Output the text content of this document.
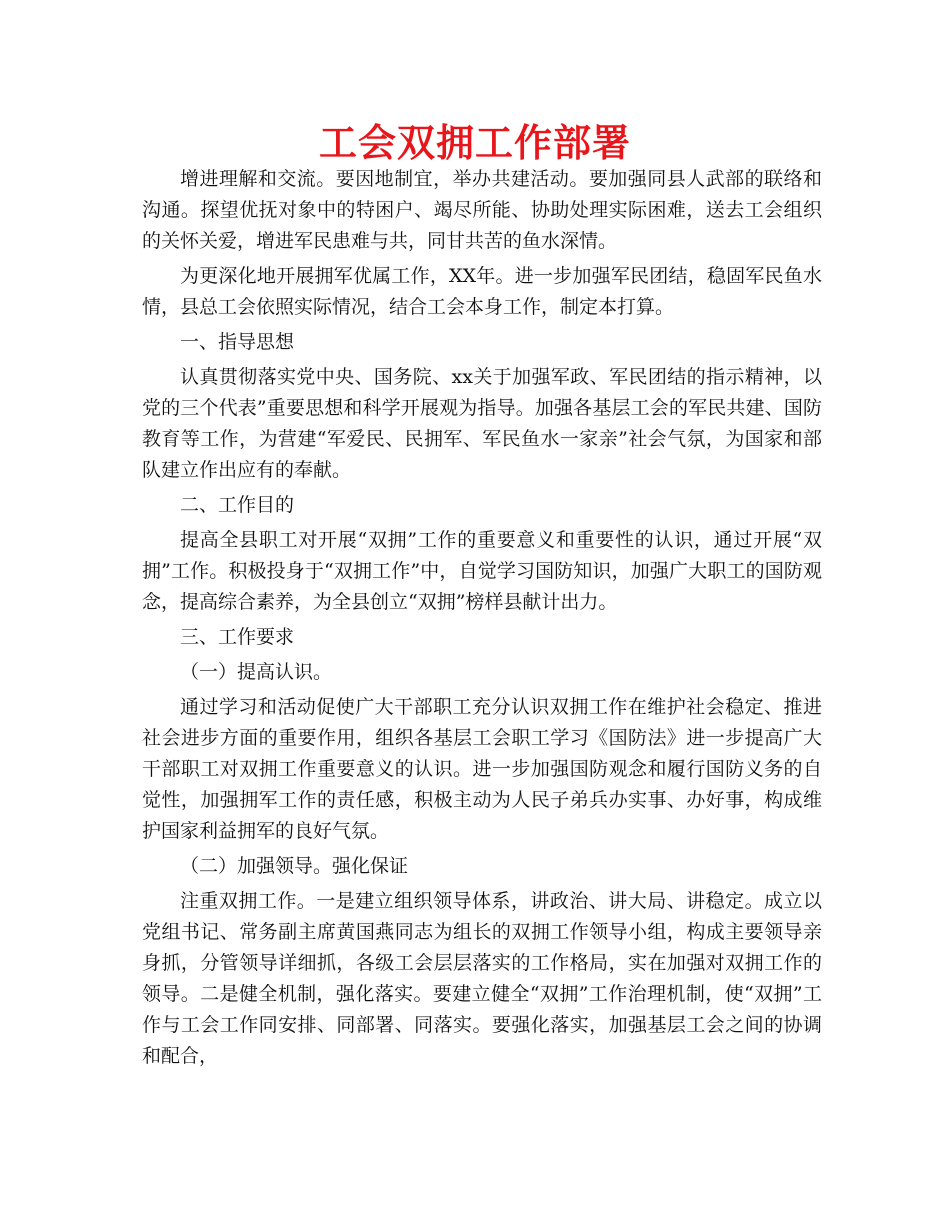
工会双拥工作部署

增进理解和交流。要因地制宜，举办共建活动。要加强同县人武部的联络和沟通。探望优抚对象中的特困户、竭尽所能、协助处理实际困难，送去工会组织的关怀关爱，增进军民患难与共，同甘共苦的鱼水深情。

为更深化地开展拥军优属工作，XX年。进一步加强军民团结，稳固军民鱼水情，县总工会依照实际情况，结合工会本身工作，制定本打算。

一、指导思想

认真贯彻落实党中央、国务院、xx关于加强军政、军民团结的指示精神，以党的三个代表”重要思想和科学开展观为指导。加强各基层工会的军民共建、国防教育等工作，为营建“军爱民、民拥军、军民鱼水一家亲”社会气氛，为国家和部队建立作出应有的奉献。

二、工作目的

提高全县职工对开展“双拥”工作的重要意义和重要性的认识，通过开展“双拥”工作。积极投身于“双拥工作”中，自觉学习国防知识，加强广大职工的国防观念，提高综合素养，为全县创立“双拥”榜样县献计出力。

三、工作要求

（一）提高认识。

通过学习和活动促使广大干部职工充分认识双拥工作在维护社会稳定、推进社会进步方面的重要作用，组织各基层工会职工学习《国防法》进一步提高广大干部职工对双拥工作重要意义的认识。进一步加强国防观念和履行国防义务的自觉性，加强拥军工作的责任感，积极主动为人民子弟兵办实事、办好事，构成维护国家利益拥军的良好气氛。

（二）加强领导。强化保证

注重双拥工作。一是建立组织领导体系，讲政治、讲大局、讲稳定。成立以党组书记、常务副主席黄国燕同志为组长的双拥工作领导小组，构成主要领导亲身抓，分管领导详细抓，各级工会层层落实的工作格局，实在加强对双拥工作的领导。二是健全机制，强化落实。要建立健全“双拥”工作治理机制，使“双拥”工作与工会工作同安排、同部署、同落实。要强化落实，加强基层工会之间的协调和配合，
